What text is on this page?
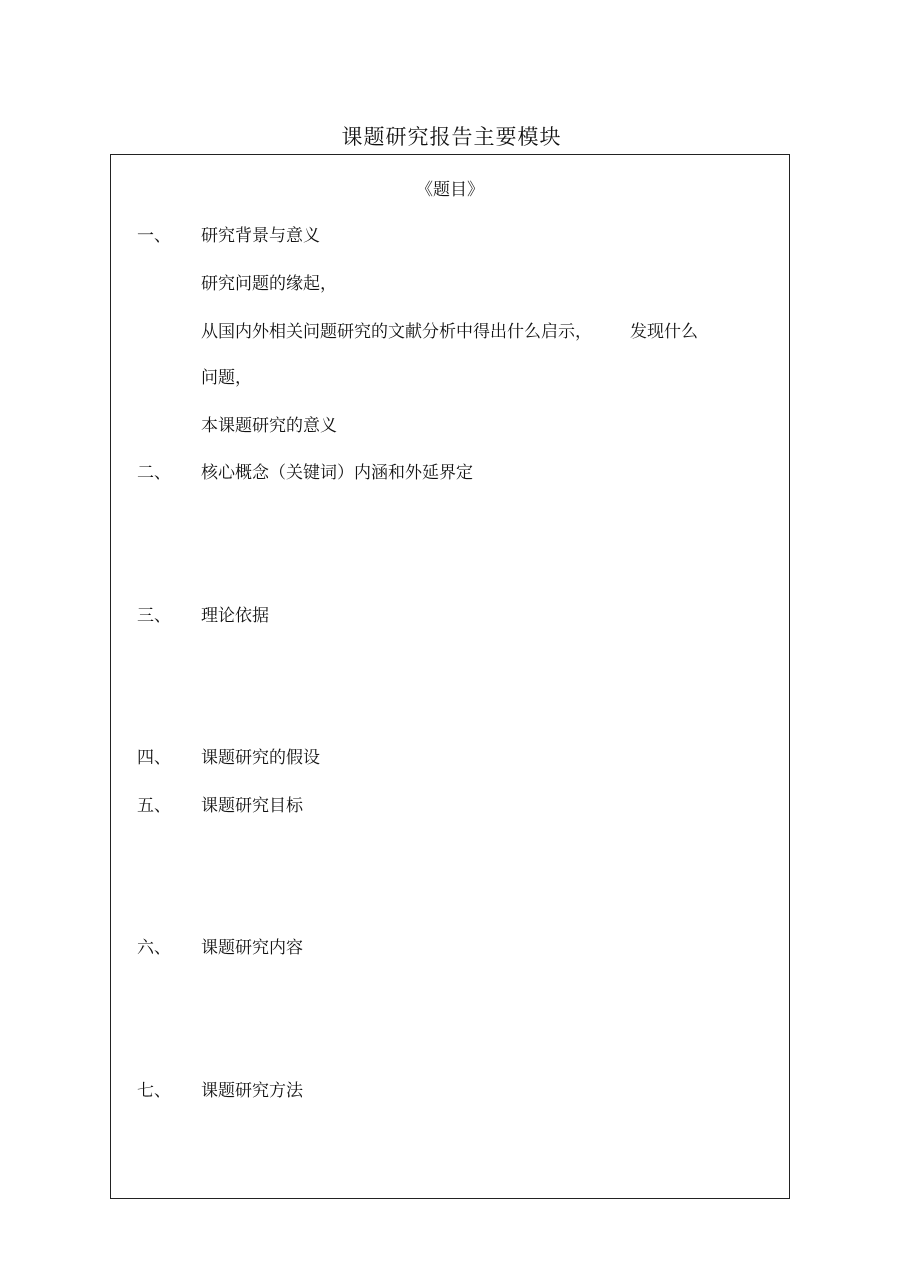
课题研究报告主要模块
《题目》
一、 研究背景与意义
研究问题的缘起，
从国内外相关问题研究的文献分析中得出什么启示， 发现什么
问题，
本课题研究的意义
二、 核心概念（关键词）内涵和外延界定
三、 理论依据
四、 课题研究的假设
五、 课题研究目标
六、 课题研究内容
七、 课题研究方法
